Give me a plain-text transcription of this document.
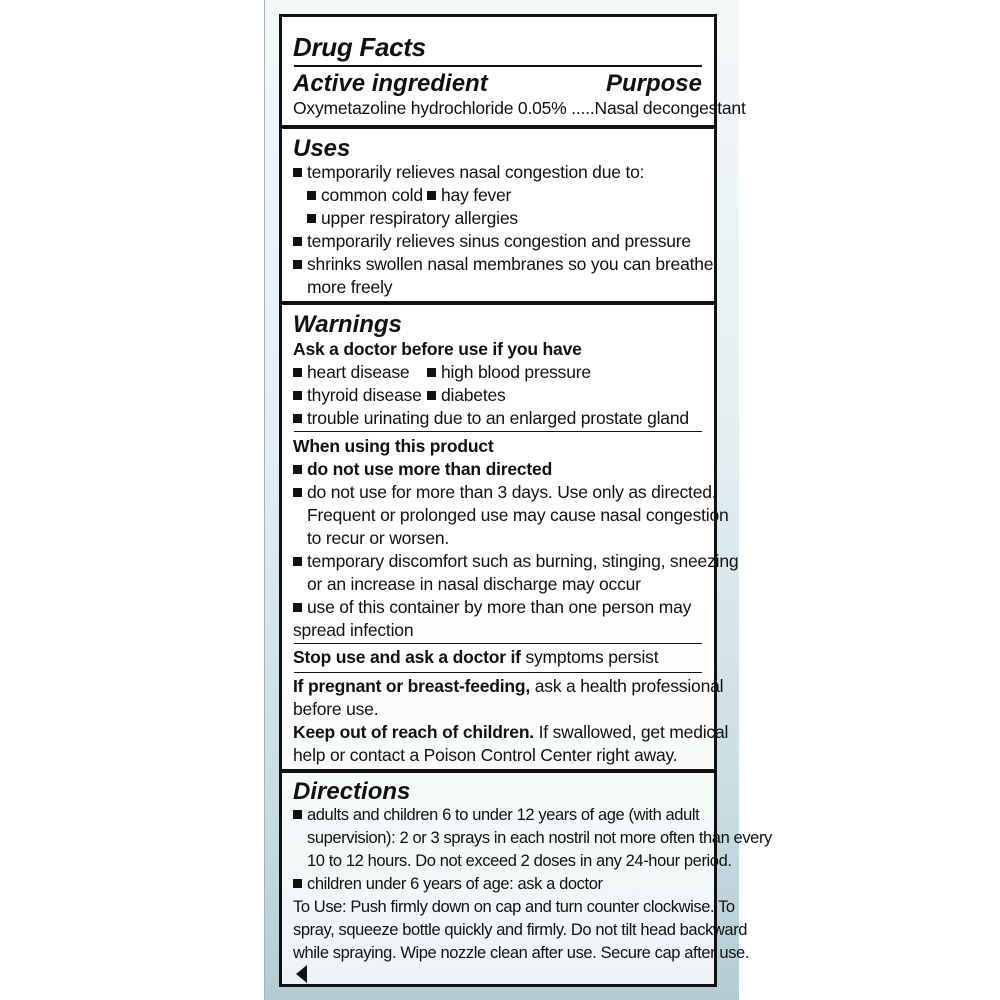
Drug Facts
Active ingredient	Purpose
Oxymetazoline hydrochloride 0.05% .....Nasal decongestant
Uses
temporarily relieves nasal congestion due to:
common cold	hay fever
upper respiratory allergies
temporarily relieves sinus congestion and pressure
shrinks swollen nasal membranes so you can breathe
more freely
Warnings
Ask a doctor before use if you have
heart disease	high blood pressure
thyroid disease	diabetes
trouble urinating due to an enlarged prostate gland
When using this product
do not use more than directed
do not use for more than 3 days. Use only as directed.
Frequent or prolonged use may cause nasal congestion
to recur or worsen.
temporary discomfort such as burning, stinging, sneezing
or an increase in nasal discharge may occur
use of this container by more than one person may
spread infection
Stop use and ask a doctor if symptoms persist
If pregnant or breast-feeding, ask a health professional
before use.
Keep out of reach of children. If swallowed, get medical
help or contact a Poison Control Center right away.
Directions
adults and children 6 to under 12 years of age (with adult
supervision): 2 or 3 sprays in each nostril not more often than every
10 to 12 hours. Do not exceed 2 doses in any 24-hour period.
children under 6 years of age: ask a doctor
To Use: Push firmly down on cap and turn counter clockwise. To
spray, squeeze bottle quickly and firmly. Do not tilt head backward
while spraying. Wipe nozzle clean after use. Secure cap after use.
